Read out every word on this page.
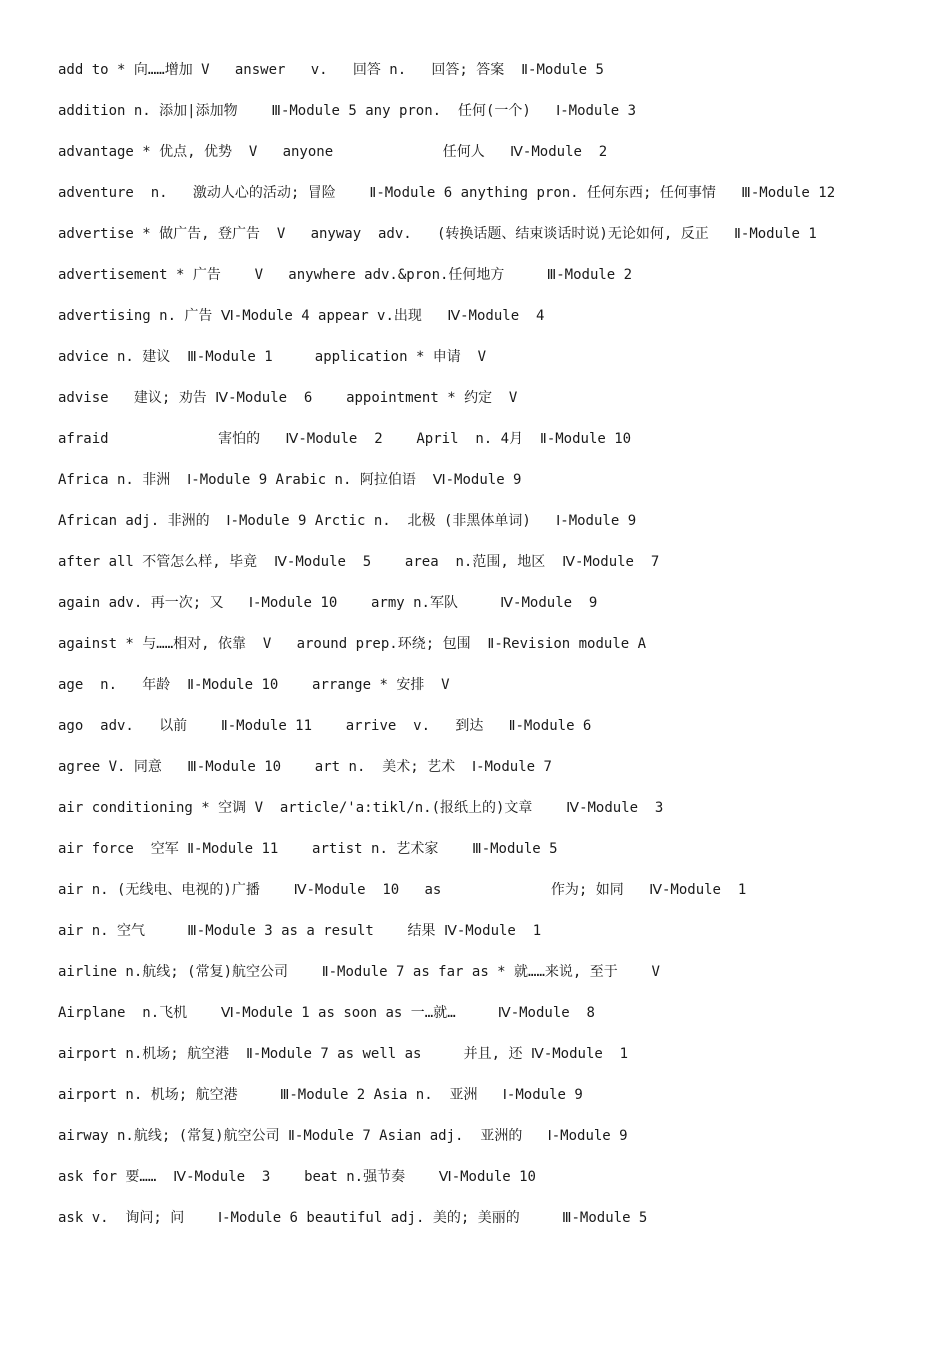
add to * 向……增加 V   answer   v.   回答 n.   回答; 答案  Ⅱ-Module 5

addition n. 添加|添加物    Ⅲ-Module 5 any pron.  任何(一个)   Ⅰ-Module 3

advantage * 优点, 优势  V   anyone             任何人   Ⅳ-Module  2

adventure  n.   激动人心的活动; 冒险    Ⅱ-Module 6 anything pron. 任何东西; 任何事情   Ⅲ-Module 12

advertise * 做广告, 登广告  V   anyway  adv.   (转换话题、结束谈话时说)无论如何, 反正   Ⅱ-Module 1

advertisement * 广告    V   anywhere adv.&pron.任何地方     Ⅲ-Module 2

advertising n. 广告 Ⅵ-Module 4 appear v.出现   Ⅳ-Module  4

advice n. 建议  Ⅲ-Module 1     application * 申请  V

advise   建议; 劝告 Ⅳ-Module  6    appointment * 约定  V

afraid             害怕的   Ⅳ-Module  2    April  n. 4月  Ⅱ-Module 10

Africa n. 非洲  Ⅰ-Module 9 Arabic n. 阿拉伯语  Ⅵ-Module 9

African adj. 非洲的  Ⅰ-Module 9 Arctic n.  北极 (非黑体单词)   Ⅰ-Module 9

after all 不管怎么样, 毕竟  Ⅳ-Module  5    area  n.范围, 地区  Ⅳ-Module  7

again adv. 再一次; 又   Ⅰ-Module 10    army n.军队     Ⅳ-Module  9

against * 与……相对, 依靠  V   around prep.环绕; 包围  Ⅱ-Revision module A

age  n.   年龄  Ⅱ-Module 10    arrange * 安排  V

ago  adv.   以前    Ⅱ-Module 11    arrive  v.   到达   Ⅱ-Module 6

agree V. 同意   Ⅲ-Module 10    art n.  美术; 艺术  Ⅰ-Module 7

air conditioning * 空调 V  article/'a:tikl/n.(报纸上的)文章    Ⅳ-Module  3

air force  空军 Ⅱ-Module 11    artist n. 艺术家    Ⅲ-Module 5

air n. (无线电、电视的)广播    Ⅳ-Module  10   as             作为; 如同   Ⅳ-Module  1

air n. 空气     Ⅲ-Module 3 as a result    结果 Ⅳ-Module  1

airline n.航线; (常复)航空公司    Ⅱ-Module 7 as far as * 就……来说, 至于    V

Airplane  n.飞机    Ⅵ-Module 1 as soon as 一…就…     Ⅳ-Module  8

airport n.机场; 航空港  Ⅱ-Module 7 as well as     并且, 还 Ⅳ-Module  1

airport n. 机场; 航空港     Ⅲ-Module 2 Asia n.  亚洲   Ⅰ-Module 9

airway n.航线; (常复)航空公司 Ⅱ-Module 7 Asian adj.  亚洲的   Ⅰ-Module 9

ask for 要……  Ⅳ-Module  3    beat n.强节奏    Ⅵ-Module 10

ask v.  询问; 问    Ⅰ-Module 6 beautiful adj. 美的; 美丽的     Ⅲ-Module 5
